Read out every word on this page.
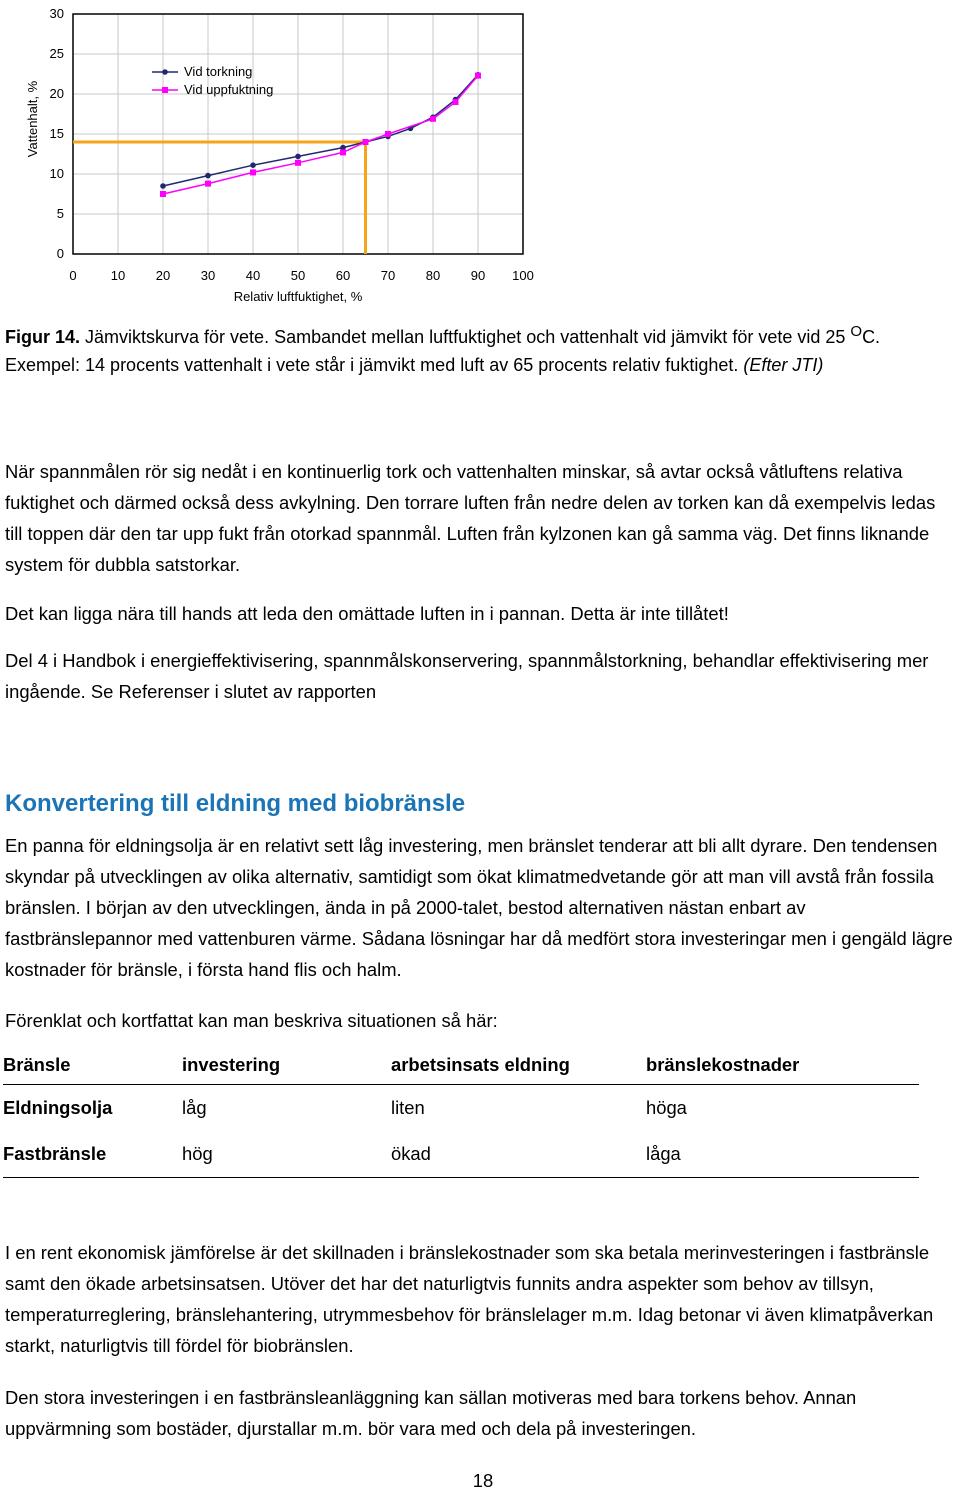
0	10 20 30 40 50 60 70 80 90 100
0
5
10
15
20
25
30
Relativ luftfuktighet, %
Vattenhalt, %
Vid torkning
Vid uppfuktning
Figur 14. Jämviktskurva för vete. Sambandet mellan luftfuktighet och vattenhalt vid jämvikt för vete vid 25 $^O$C. Exempel: 14 procents vattenhalt i vete står i jämvikt med luft av 65 procents relativ fuktighet. (Efter JTI)

När spannmålen rör sig nedåt i en kontinuerlig tork och vattenhalten minskar, så avtar också våtluftens relativa fuktighet och därmed också dess avkylning. Den torrare luften från nedre delen av torken kan då exempelvis ledas till toppen där den tar upp fukt från otorkad spannmål. Luften från kylzonen kan gå samma väg. Det finns liknande system för dubbla satstorkar.

Det kan ligga nära till hands att leda den omättade luften in i pannan. Detta är inte tillåtet!

Del 4 i Handbok i energieffektivisering, spannmålskonservering, spannmålstorkning, behandlar effektivisering mer ingående. Se Referenser i slutet av rapporten

Konvertering till eldning med biobränsle

En panna för eldningsolja är en relativt sett låg investering, men bränslet tenderar att bli allt dyrare. Den tendensen skyndar på utvecklingen av olika alternativ, samtidigt som ökat klimatmedvetande gör att man vill avstå från fossila bränslen. I början av den utvecklingen, ända in på 2000-talet, bestod alternativen nästan enbart av fastbränslepannor med vattenburen värme. Sådana lösningar har då medfört stora investeringar men i gengäld lägre kostnader för bränsle, i första hand flis och halm.

Förenklat och kortfattat kan man beskriva situationen så här:

Bränsle	investering	arbetsinsats eldning	bränslekostnader
Eldningsolja	låg	liten	höga
Fastbränsle	hög	ökad	låga

I en rent ekonomisk jämförelse är det skillnaden i bränslekostnader som ska betala merinvesteringen i fastbränsle samt den ökade arbetsinsatsen. Utöver det har det naturligtvis funnits andra aspekter som behov av tillsyn, temperaturreglering, bränslehantering, utrymmesbehov för bränslelager m.m. Idag betonar vi även klimatpåverkan starkt, naturligtvis till fördel för biobränslen.

Den stora investeringen i en fastbränsleanläggning kan sällan motiveras med bara torkens behov. Annan uppvärmning som bostäder, djurstallar m.m. bör vara med och dela på investeringen.

18
